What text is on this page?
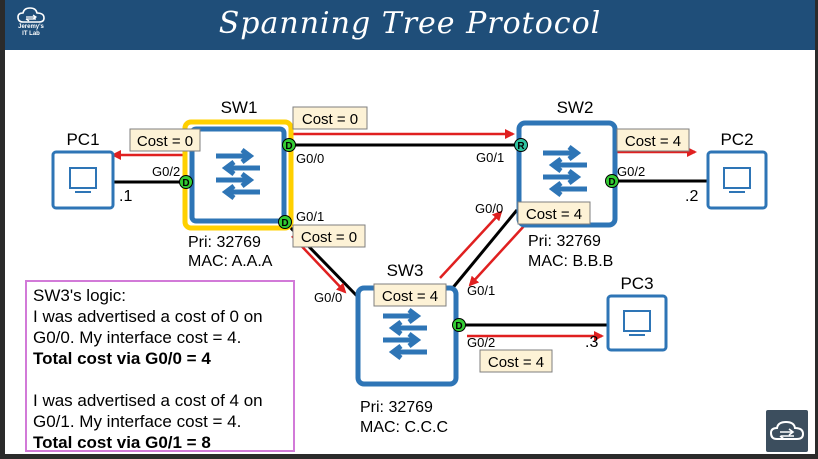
Jeremy's
IT Lab	Spanning Tree Protocol
SW1
Pri: 32769
MAC: A.A.A
SW2
Pri: 32769
MAC: B.B.B
SW3
Pri: 32769
MAC: C.C.C
PC1
.1
PC2
.2
PC3
.3
D
D
D
R
D
D
G0/2
G0/0
G0/1
G0/1
G0/2
G0/0
G0/0	G0/1
G0/2
Cost = 0
Cost = 0
Cost = 0
Cost = 4
Cost = 4
Cost = 4
Cost = 4
SW3's logic:
I was advertised a cost of 0 on
G0/0. My interface cost = 4.
Total cost via G0/0 = 4
I was advertised a cost of 4 on
G0/1. My interface cost = 4.
Total cost via G0/1 = 8
